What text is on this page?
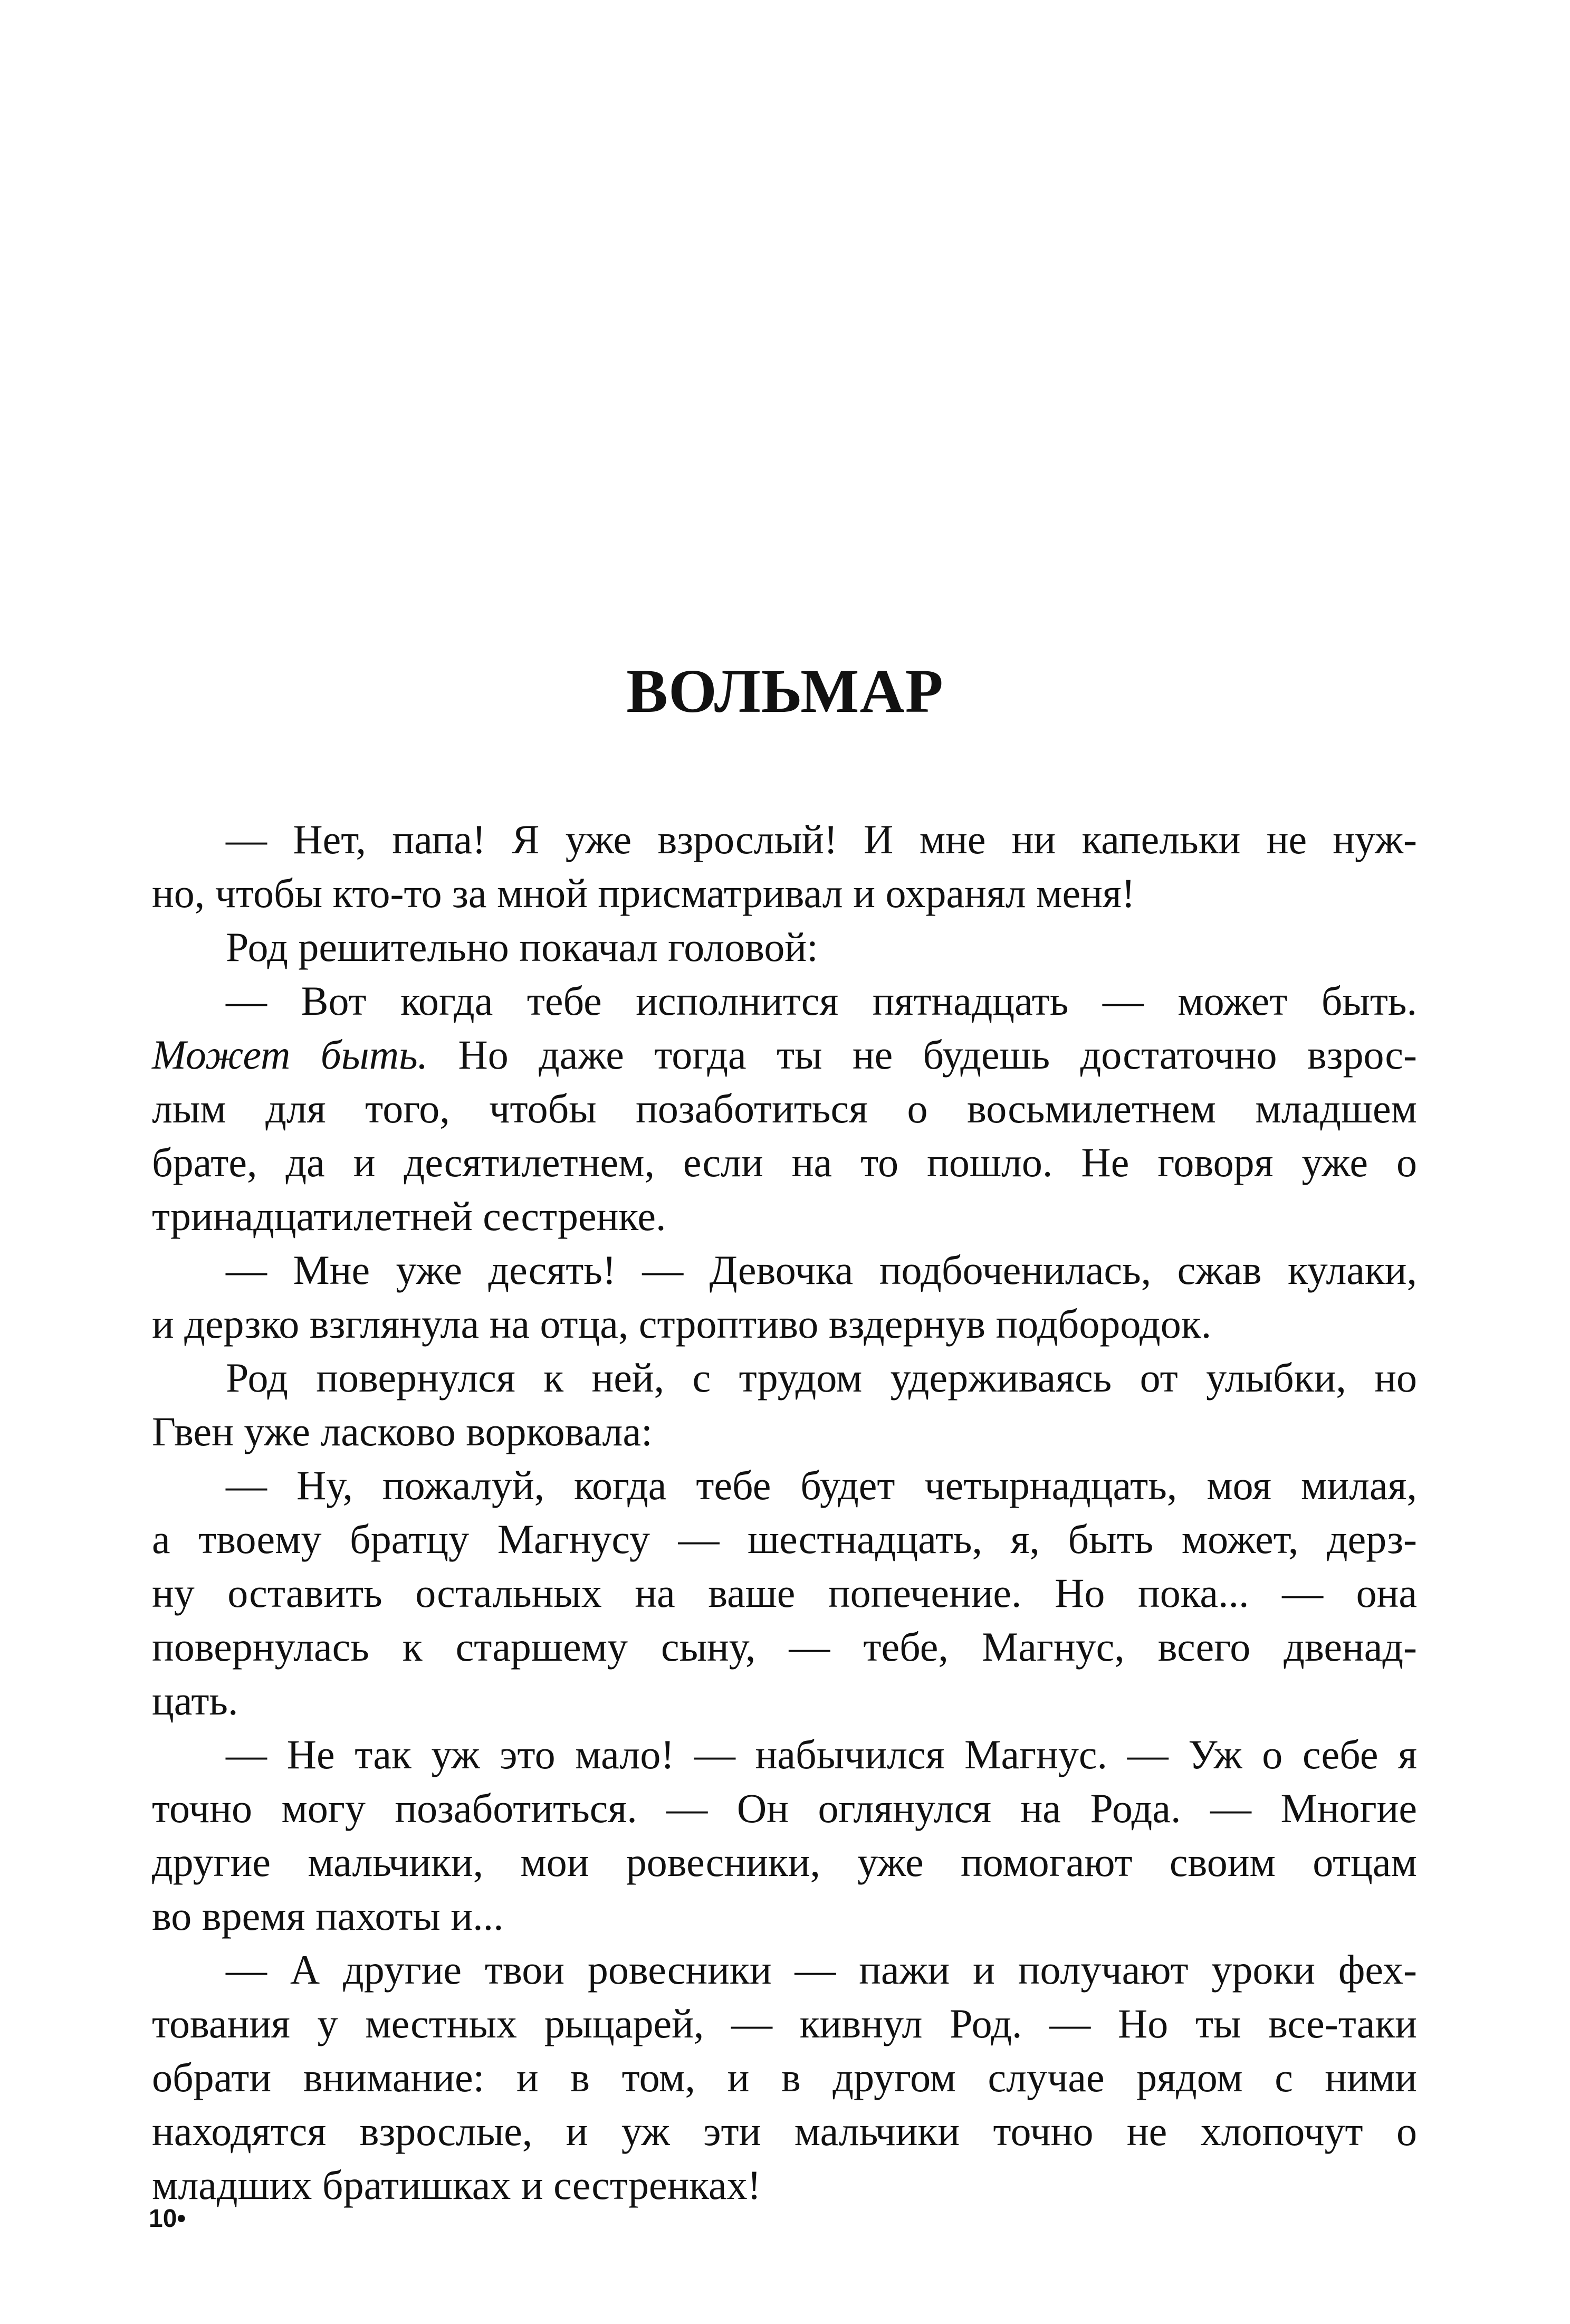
ВОЛЬМАР
— Нет, папа! Я уже взрослый! И мне ни капельки не нуж-
но, чтобы кто-то за мной присматривал и охранял меня!
Род решительно покачал головой:
— Вот когда тебе исполнится пятнадцать — может быть.
Может быть. Но даже тогда ты не будешь достаточно взрос-
лым для того, чтобы позаботиться о восьмилетнем младшем
брате, да и десятилетнем, если на то пошло. Не говоря уже о
тринадцатилетней сестренке.
— Мне уже десять! — Девочка подбоченилась, сжав кулаки,
и дерзко взглянула на отца, строптиво вздернув подбородок.
Род повернулся к ней, с трудом удерживаясь от улыбки, но
Гвен уже ласково ворковала:
— Ну, пожалуй, когда тебе будет четырнадцать, моя милая,
а твоему братцу Магнусу — шестнадцать, я, быть может, дерз-
ну оставить остальных на ваше попечение. Но пока... — она
повернулась к старшему сыну, — тебе, Магнус, всего двенад-
цать.
— Не так уж это мало! — набычился Магнус. — Уж о себе я
точно могу позаботиться. — Он оглянулся на Рода. — Многие
другие мальчики, мои ровесники, уже помогают своим отцам
во время пахоты и...
— А другие твои ровесники — пажи и получают уроки фех-
тования у местных рыцарей, — кивнул Род. — Но ты все-таки
обрати внимание: и в том, и в другом случае рядом с ними
находятся взрослые, и уж эти мальчики точно не хлопочут о
младших братишках и сестренках!
10•
